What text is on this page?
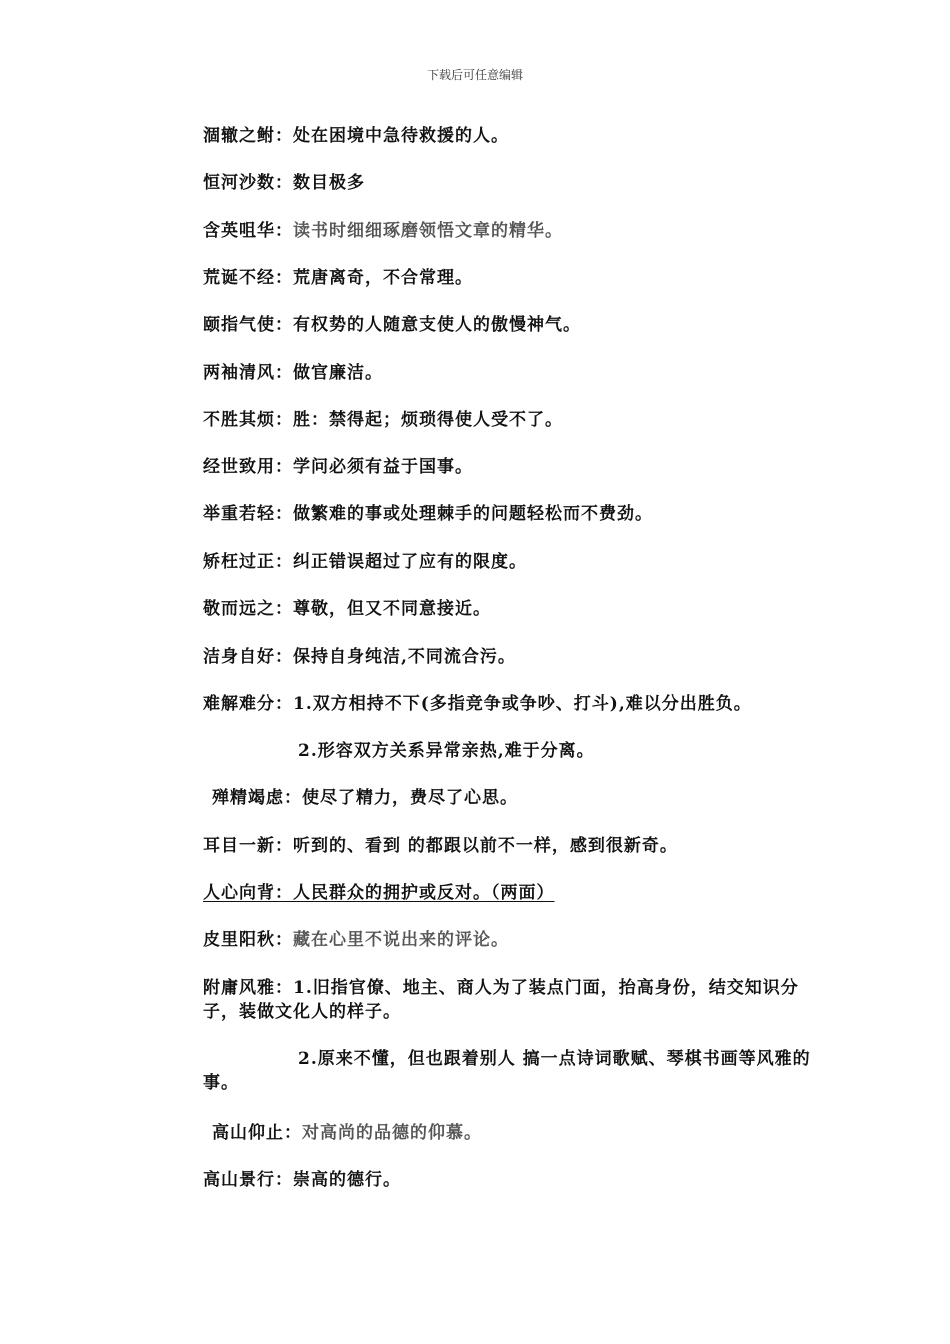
下载后可任意编辑
涸辙之鲋：处在困境中急待救援的人。
恒河沙数：数目极多
含英咀华：读书时细细琢磨领悟文章的精华。
荒诞不经：荒唐离奇，不合常理。
颐指气使：有权势的人随意支使人的傲慢神气。
两袖清风：做官廉洁。
不胜其烦：胜：禁得起；烦琐得使人受不了。
经世致用：学问必须有益于国事。
举重若轻：做繁难的事或处理棘手的问题轻松而不费劲。
矫枉过正：纠正错误超过了应有的限度。
敬而远之：尊敬，但又不同意接近。
洁身自好：保持自身纯洁,不同流合污。
难解难分：1.双方相持不下(多指竞争或争吵、打斗),难以分出胜负。
2.形容双方关系异常亲热,难于分离。
殚精竭虑：使尽了精力，费尽了心思。
耳目一新：听到的、看到 的都跟以前不一样，感到很新奇。
人心向背：人民群众的拥护或反对。（两面）
皮里阳秋：藏在心里不说出来的评论。
附庸风雅：1.旧指官僚、地主、商人为了装点门面，抬高身份，结交知识分子，装做文化人的样子。
2.原来不懂，但也跟着别人 搞一点诗词歌赋、琴棋书画等风雅的事。
高山仰止：对高尚的品德的仰慕。
高山景行：崇高的德行。
